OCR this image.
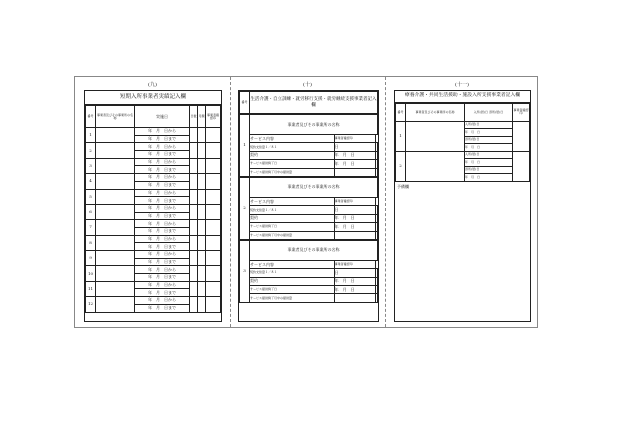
(九)
短期入所事業者実績記入欄
番号	事業者及びその事業所の名称	実施日	日数	月額	事業者確認印
1		年　月　日から			
		年　月　日まで			
2		年　月　日から			
		年　月　日まで			
3		年　月　日から			
		年　月　日まで			
4		年　月　日から			
		年　月　日まで			
5		年　月　日から			
		年　月　日まで			
6		年　月　日から			
		年　月　日まで			
7		年　月　日から			
		年　月　日まで			
8		年　月　日から			
		年　月　日まで			
9		年　月　日から			
		年　月　日まで			
10		年　月　日から			
		年　月　日まで			
11		年　月　日から			
		年　月　日まで			
12		年　月　日から			
		年　月　日まで			
(十)
番号	生活介護・自立訓練・就労移行支援・就労継続支援事業者記入欄
1	事業者及びその事業所の名称		
	サービス内容	事業者確認印	
	契約支給量１／８１	日	
	契約	年　月　日	
	サービス提供終了日	年　月　日	
	サービス提供終了月中の提供量		
2	事業者及びその事業所の名称		
	サービス内容	事業者確認印	
	契約支給量１／８１	日	
	契約	年　月　日	
	サービス提供終了日	年　月　日	
	サービス提供終了月中の提供量		
3	事業者及びその事業所の名称		
	サービス内容	事業者確認印	
	契約支給量１／８１	日	
	契約	年　月　日	
	サービス提供終了日	年　月　日	
	サービス提供終了月中の提供量		
(十一)
療養介護・共同生活援助・施設入所支援事業者記入欄
番号	事業者及びその事業所の名称	入所(居)日 退所(居)日	事業者確認印
1		入所(居)日	
		年　月　日	
		退所(居)日	
		年　月　日	
2		入所(居)日	
		年　月　日	
		退所(居)日	
		年　月　日	
予備欄
